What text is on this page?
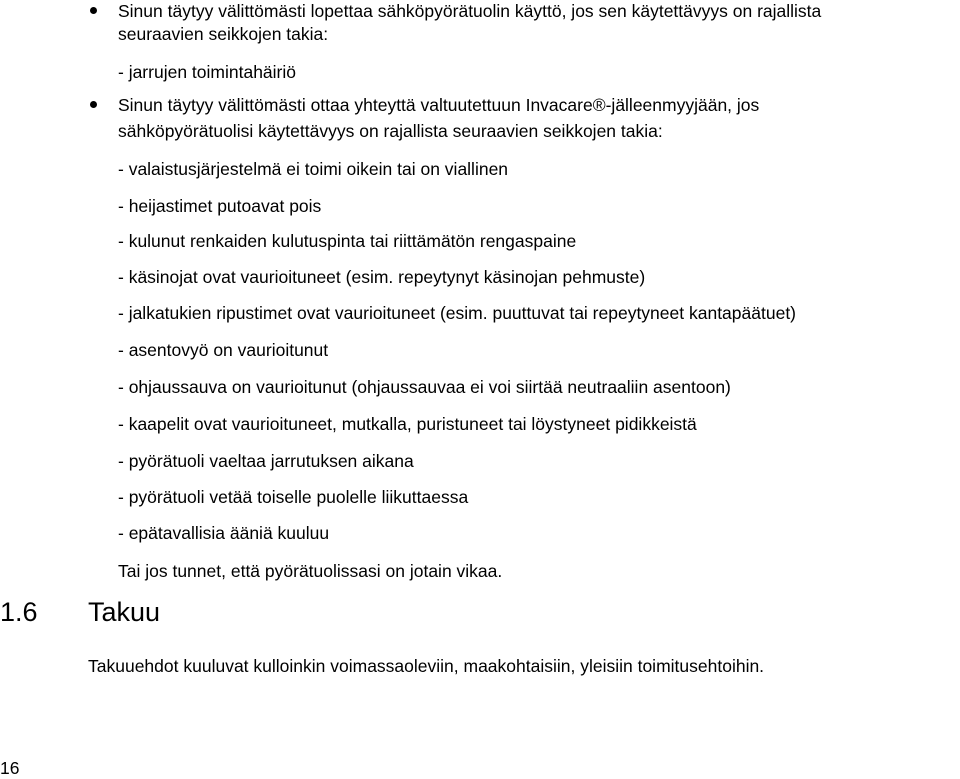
Sinun täytyy välittömästi lopettaa sähköpyörätuolin käyttö, jos sen käytettävyys on rajallista
seuraavien seikkojen takia:
- jarrujen toimintahäiriö
Sinun täytyy välittömästi ottaa yhteyttä valtuutettuun Invacare®-jälleenmyyjään, jos
sähköpyörätuolisi käytettävyys on rajallista seuraavien seikkojen takia:
- valaistusjärjestelmä ei toimi oikein tai on viallinen
- heijastimet putoavat pois
- kulunut renkaiden kulutuspinta tai riittämätön rengaspaine
- käsinojat ovat vaurioituneet (esim. repeytynyt käsinojan pehmuste)
- jalkatukien ripustimet ovat vaurioituneet (esim. puuttuvat tai repeytyneet kantapäätuet)
- asentovyö on vaurioitunut
- ohjaussauva on vaurioitunut (ohjaussauvaa ei voi siirtää neutraaliin asentoon)
- kaapelit ovat vaurioituneet, mutkalla, puristuneet tai löystyneet pidikkeistä
- pyörätuoli vaeltaa jarrutuksen aikana
- pyörätuoli vetää toiselle puolelle liikuttaessa
- epätavallisia ääniä kuuluu
Tai jos tunnet, että pyörätuolissasi on jotain vikaa.
1.6 Takuu
Takuuehdot kuuluvat kulloinkin voimassaoleviin, maakohtaisiin, yleisiin toimitusehtoihin.
16
